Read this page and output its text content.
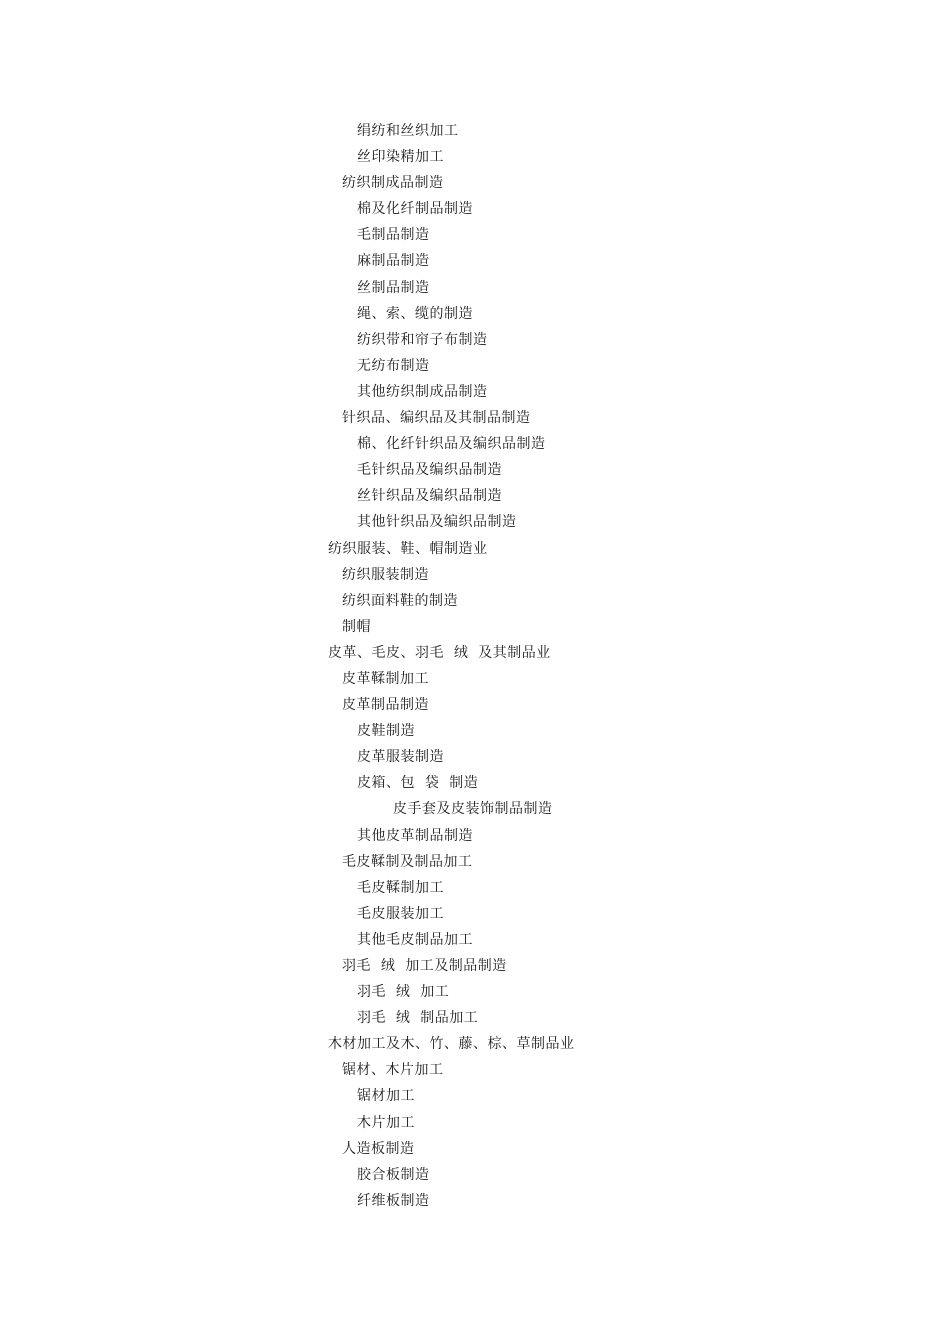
绢纺和丝织加工
丝印染精加工
纺织制成品制造
棉及化纤制品制造
毛制品制造
麻制品制造
丝制品制造
绳、索、缆的制造
纺织带和帘子布制造
无纺布制造
其他纺织制成品制造
针织品、编织品及其制品制造
棉、化纤针织品及编织品制造
毛针织品及编织品制造
丝针织品及编织品制造
其他针织品及编织品制造
纺织服装、鞋、帽制造业
纺织服装制造
纺织面料鞋的制造
制帽
皮革、毛皮、羽毛  绒  及其制品业
皮革鞣制加工
皮革制品制造
皮鞋制造
皮革服装制造
皮箱、包  袋  制造
皮手套及皮装饰制品制造
其他皮革制品制造
毛皮鞣制及制品加工
毛皮鞣制加工
毛皮服装加工
其他毛皮制品加工
羽毛  绒  加工及制品制造
羽毛  绒  加工
羽毛  绒  制品加工
木材加工及木、竹、藤、棕、草制品业
锯材、木片加工
锯材加工
木片加工
人造板制造
胶合板制造
纤维板制造
